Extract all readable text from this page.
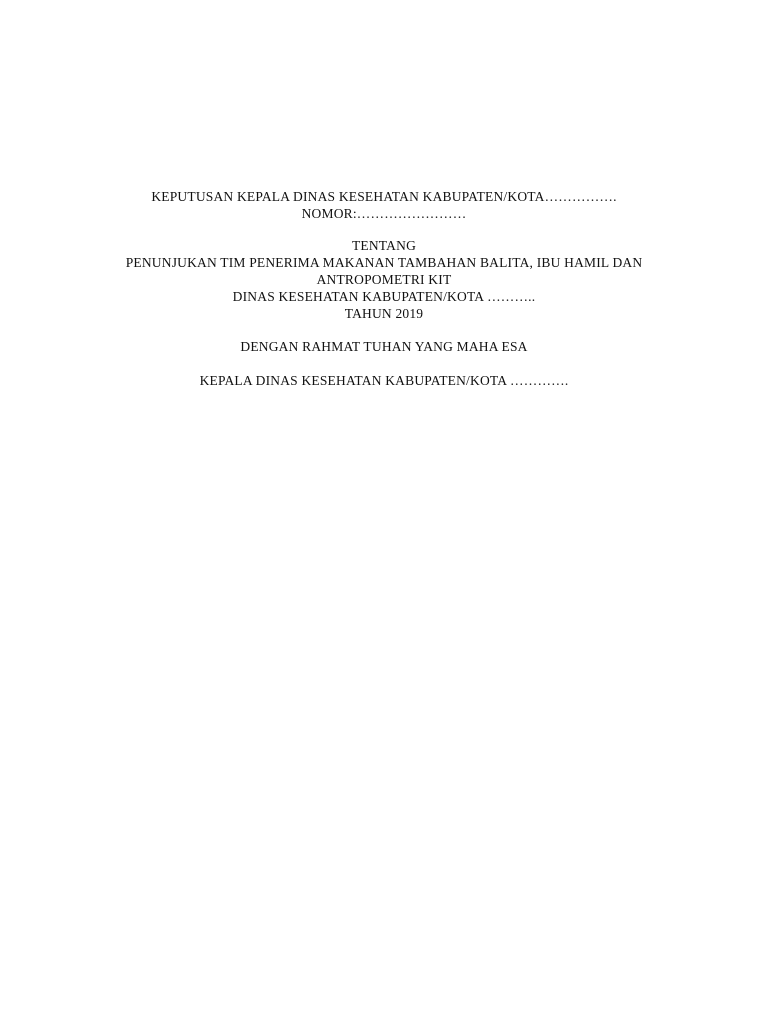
KEPUTUSAN KEPALA DINAS KESEHATAN KABUPATEN/KOTA…………….
NOMOR:……………………
TENTANG
PENUNJUKAN TIM PENERIMA MAKANAN TAMBAHAN BALITA, IBU HAMIL DAN
ANTROPOMETRI KIT
DINAS KESEHATAN KABUPATEN/KOTA ………..
TAHUN 2019
DENGAN RAHMAT TUHAN YANG MAHA ESA
KEPALA DINAS KESEHATAN KABUPATEN/KOTA ………….
